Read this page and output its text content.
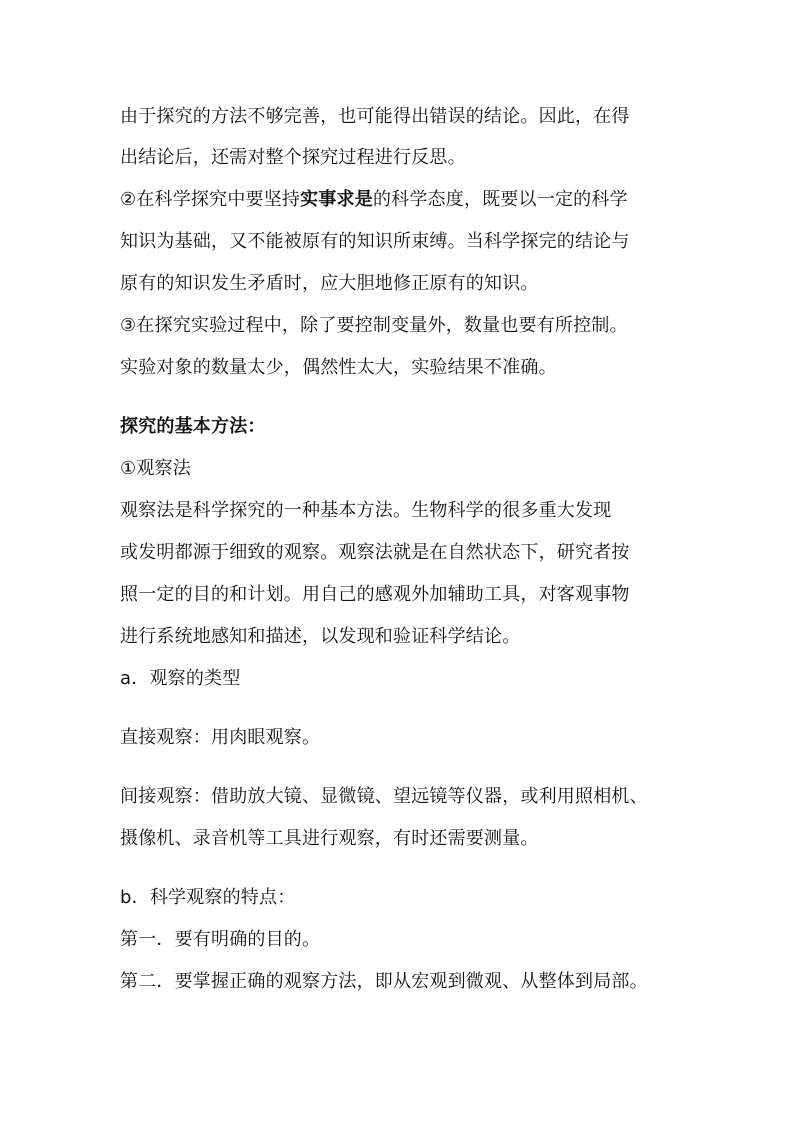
由于探究的方法不够完善，也可能得出错误的结论。因此，在得
出结论后，还需对整个探究过程进行反思。
②在科学探究中要坚持实事求是的科学态度，既要以一定的科学
知识为基础，又不能被原有的知识所束缚。当科学探完的结论与
原有的知识发生矛盾时，应大胆地修正原有的知识。
③在探究实验过程中，除了要控制变量外，数量也要有所控制。
实验对象的数量太少，偶然性太大，实验结果不准确。
探究的基本方法：
①观察法
观察法是科学探究的一种基本方法。生物科学的很多重大发现
或发明都源于细致的观察。观察法就是在自然状态下，研究者按
照一定的目的和计划。用自己的感观外加辅助工具，对客观事物
进行系统地感知和描述，以发现和验证科学结论。
a．观察的类型
直接观察：用肉眼观察。
间接观察：借助放大镜、显微镜、望远镜等仪器，或利用照相机、
摄像机、录音机等工具进行观察，有时还需要测量。
b．科学观察的特点：
第一．要有明确的目的。
第二．要掌握正确的观察方法，即从宏观到微观、从整体到局部。
